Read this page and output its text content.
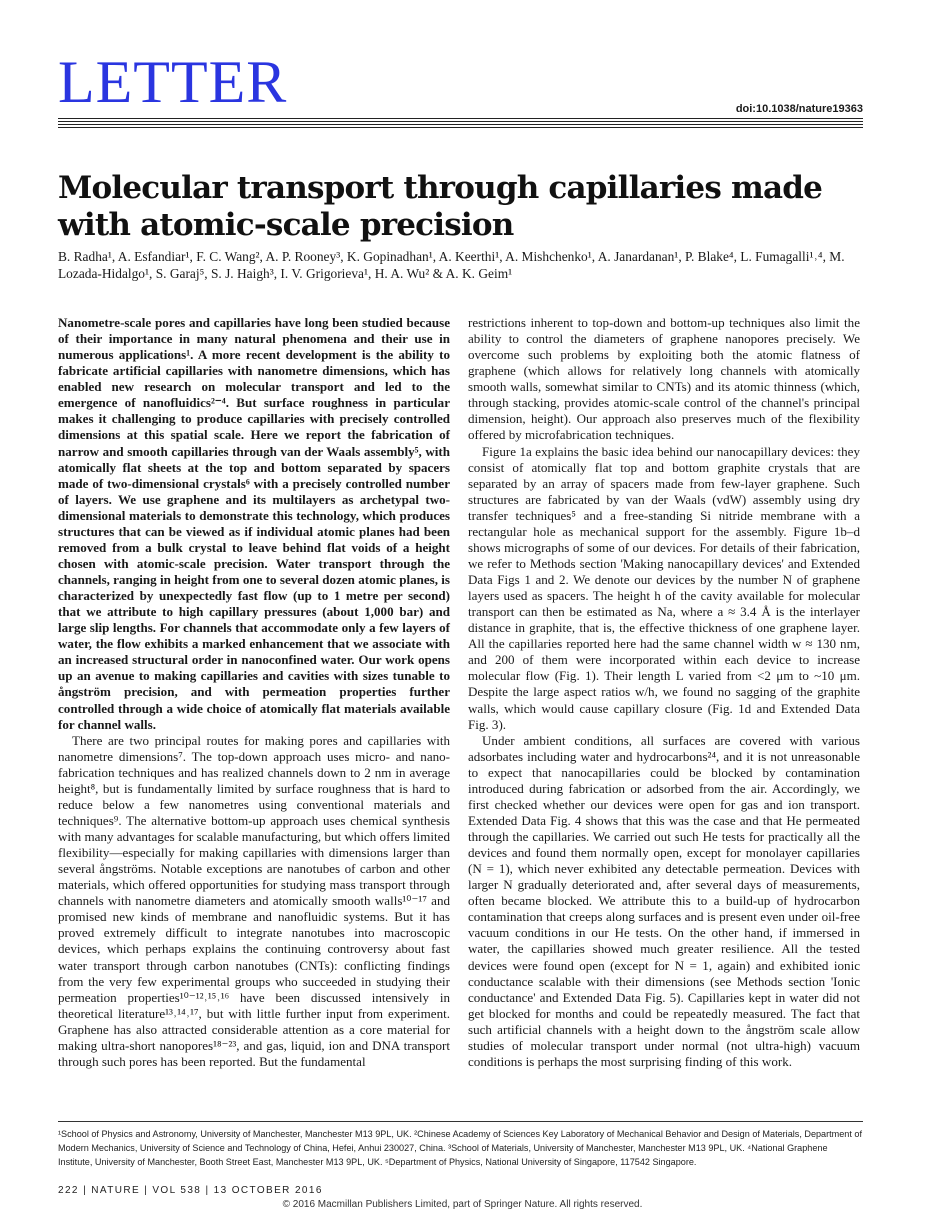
LETTER	doi:10.1038/nature19363
Molecular transport through capillaries made with atomic-scale precision
B. Radha¹, A. Esfandiar¹, F. C. Wang², A. P. Rooney³, K. Gopinadhan¹, A. Keerthi¹, A. Mishchenko¹, A. Janardanan¹, P. Blake⁴, L. Fumagalli¹˒⁴, M. Lozada-Hidalgo¹, S. Garaj⁵, S. J. Haigh³, I. V. Grigorieva¹, H. A. Wu² & A. K. Geim¹

Nanometre-scale pores and capillaries have long been studied because of their importance in many natural phenomena and their use in numerous applications¹. A more recent development is the ability to fabricate artificial capillaries with nanometre dimensions, which has enabled new research on molecular transport and led to the emergence of nanofluidics²⁻⁴. But surface roughness in particular makes it challenging to produce capillaries with precisely controlled dimensions at this spatial scale. Here we report the fabrication of narrow and smooth capillaries through van der Waals assembly⁵, with atomically flat sheets at the top and bottom separated by spacers made of two-dimensional crystals⁶ with a precisely controlled number of layers. We use graphene and its multilayers as archetypal two-dimensional materials to demonstrate this technology, which produces structures that can be viewed as if individual atomic planes had been removed from a bulk crystal to leave behind flat voids of a height chosen with atomic-scale precision. Water transport through the channels, ranging in height from one to several dozen atomic planes, is characterized by unexpectedly fast flow (up to 1 metre per second) that we attribute to high capillary pressures (about 1,000 bar) and large slip lengths. For channels that accommodate only a few layers of water, the flow exhibits a marked enhancement that we associate with an increased structural order in nanoconfined water. Our work opens up an avenue to making capillaries and cavities with sizes tunable to ångström precision, and with permeation properties further controlled through a wide choice of atomically flat materials available for channel walls.

There are two principal routes for making pores and capillaries with nanometre dimensions⁷. The top-down approach uses micro- and nano-fabrication techniques and has realized channels down to 2 nm in average height⁸, but is fundamentally limited by surface roughness that is hard to reduce below a few nanometres using conventional materials and techniques⁹. The alternative bottom-up approach uses chemical synthesis with many advantages for scalable manufacturing, but which offers limited flexibility—especially for making capillaries with dimensions larger than several ångströms. Notable exceptions are nanotubes of carbon and other materials, which offered opportunities for studying mass transport through channels with nanometre diameters and atomically smooth walls¹⁰⁻¹⁷ and promised new kinds of membrane and nanofluidic systems. But it has proved extremely difficult to integrate nanotubes into macroscopic devices, which perhaps explains the continuing controversy about fast water transport through carbon nanotubes (CNTs): conflicting findings from the very few experimental groups who succeeded in studying their permeation properties¹⁰⁻¹²˒¹⁵˒¹⁶ have been discussed intensively in theoretical literature¹³˒¹⁴˒¹⁷, but with little further input from experiment. Graphene has also attracted considerable attention as a core material for making ultra-short nanopores¹⁸⁻²³, and gas, liquid, ion and DNA transport through such pores has been reported. But the fundamental

restrictions inherent to top-down and bottom-up techniques also limit the ability to control the diameters of graphene nanopores precisely. We overcome such problems by exploiting both the atomic flatness of graphene (which allows for relatively long channels with atomically smooth walls, somewhat similar to CNTs) and its atomic thinness (which, through stacking, provides atomic-scale control of the channel's principal dimension, height). Our approach also preserves much of the flexibility offered by microfabrication techniques.

Figure 1a explains the basic idea behind our nanocapillary devices: they consist of atomically flat top and bottom graphite crystals that are separated by an array of spacers made from few-layer graphene. Such structures are fabricated by van der Waals (vdW) assembly using dry transfer techniques⁵ and a free-standing Si nitride membrane with a rectangular hole as mechanical support for the assembly. Figure 1b–d shows micrographs of some of our devices. For details of their fabrication, we refer to Methods section 'Making nanocapillary devices' and Extended Data Figs 1 and 2. We denote our devices by the number N of graphene layers used as spacers. The height h of the cavity available for molecular transport can then be estimated as Na, where a ≈ 3.4 Å is the interlayer distance in graphite, that is, the effective thickness of one graphene layer. All the capillaries reported here had the same channel width w ≈ 130 nm, and 200 of them were incorporated within each device to increase molecular flow (Fig. 1). Their length L varied from <2 μm to ~10 μm. Despite the large aspect ratios w/h, we found no sagging of the graphite walls, which would cause capillary closure (Fig. 1d and Extended Data Fig. 3).

Under ambient conditions, all surfaces are covered with various adsorbates including water and hydrocarbons²⁴, and it is not unreasonable to expect that nanocapillaries could be blocked by contamination introduced during fabrication or adsorbed from the air. Accordingly, we first checked whether our devices were open for gas and ion transport. Extended Data Fig. 4 shows that this was the case and that He permeated through the capillaries. We carried out such He tests for practically all the devices and found them normally open, except for monolayer capillaries (N = 1), which never exhibited any detectable permeation. Devices with larger N gradually deteriorated and, after several days of measurements, often became blocked. We attribute this to a build-up of hydrocarbon contamination that creeps along surfaces and is present even under oil-free vacuum conditions in our He tests. On the other hand, if immersed in water, the capillaries showed much greater resilience. All the tested devices were found open (except for N = 1, again) and exhibited ionic conductance scalable with their dimensions (see Methods section 'Ionic conductance' and Extended Data Fig. 5). Capillaries kept in water did not get blocked for months and could be repeatedly measured. The fact that such artificial channels with a height down to the ångström scale allow studies of molecular transport under normal (not ultra-high) vacuum conditions is perhaps the most surprising finding of this work.

¹School of Physics and Astronomy, University of Manchester, Manchester M13 9PL, UK. ²Chinese Academy of Sciences Key Laboratory of Mechanical Behavior and Design of Materials, Department of Modern Mechanics, University of Science and Technology of China, Hefei, Anhui 230027, China. ³School of Materials, University of Manchester, Manchester M13 9PL, UK. ⁴National Graphene Institute, University of Manchester, Booth Street East, Manchester M13 9PL, UK. ⁵Department of Physics, National University of Singapore, 117542 Singapore.
222 | NATURE | VOL 538 | 13 OCTOBER 2016
© 2016 Macmillan Publishers Limited, part of Springer Nature. All rights reserved.
